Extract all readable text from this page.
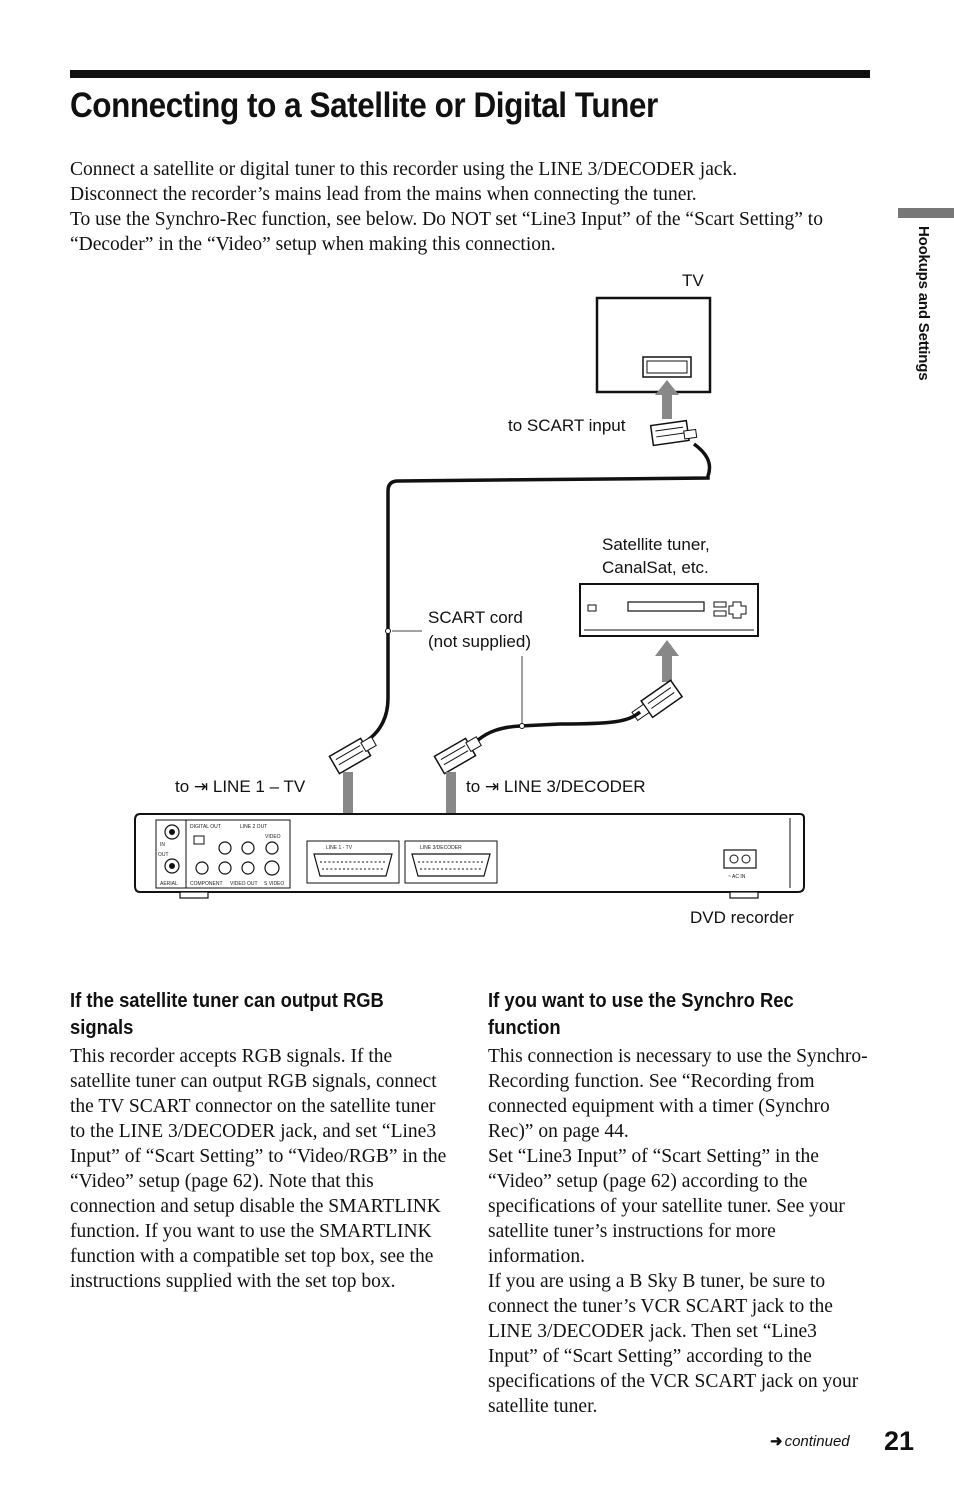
Connecting to a Satellite or Digital Tuner

Connect a satellite or digital tuner to this recorder using the LINE 3/DECODER jack.

Disconnect the recorder’s mains lead from the mains when connecting the tuner.

To use the Synchro-Rec function, see below. Do NOT set “Line3 Input” of the “Scart Setting” to “Decoder” in the “Video” setup when making this connection.	Hookups and Settings
TV
to SCART input
SCART cord
(not supplied)
Satellite tuner,
CanalSat, etc.
to ⇥ LINE 1 – TV	to ⇥ LINE 3/DECODER
DIGITAL OUT	LINE 2 OUT
VIDEO
IN
OUT
AERIAL COMPONENT VIDEO OUT S VIDEO
LINE 1 - TV	LINE 3/DECODER
~ AC IN
DVD recorder
If the satellite tuner can output RGB signals

This recorder accepts RGB signals. If the satellite tuner can output RGB signals, connect the TV SCART connector on the satellite tuner to the LINE 3/DECODER jack, and set “Line3 Input” of “Scart Setting” to “Video/RGB” in the “Video” setup (page 62). Note that this connection and setup disable the SMARTLINK function. If you want to use the SMARTLINK function with a compatible set top box, see the instructions supplied with the set top box.

If you want to use the Synchro Rec function

This connection is necessary to use the Synchro-Recording function. See “Recording from connected equipment with a timer (Synchro Rec)” on page 44.

Set “Line3 Input” of “Scart Setting” in the “Video” setup (page 62) according to the specifications of your satellite tuner. See your satellite tuner’s instructions for more information.

If you are using a B Sky B tuner, be sure to connect the tuner’s VCR SCART jack to the LINE 3/DECODER jack. Then set “Line3 Input” of “Scart Setting” according to the specifications of the VCR SCART jack on your satellite tuner.

➜ continued 21
